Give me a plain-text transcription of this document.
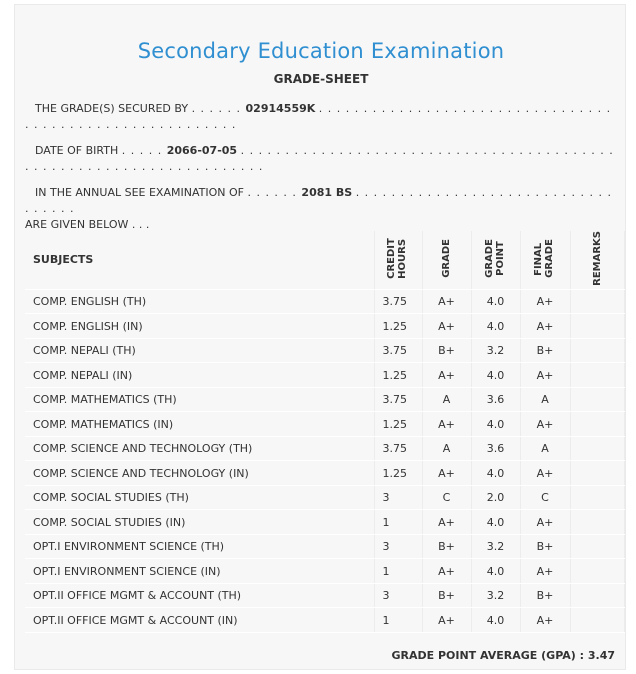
Secondary Education Examination
GRADE-SHEET
THE GRADE(S) SECURED BY . . . . . . 02914559K . . . . . . . . . . . . . . . . . . . . . . . . . . . . . . . . . . . . . . . . . . . . . . . . . . . . . . . . .
DATE OF BIRTH . . . . . 2066-07-05 . . . . . . . . . . . . . . . . . . . . . . . . . . . . . . . . . . . . . . . . . . . . . . . . . . . . . . . . . . . . . . . . . . . . .
IN THE ANNUAL SEE EXAMINATION OF . . . . . . 2081 BS . . . . . . . . . . . . . . . . . . . . . . . . . . . . . . . . . . .
ARE GIVEN BELOW . . .
SUBJECTS	CREDIT HOURS	GRADE	GRADE POINT	FINAL GRADE	REMARKS
COMP. ENGLISH (TH)	3.75	A+	4.0	A+	
COMP. ENGLISH (IN)	1.25	A+	4.0	A+	
COMP. NEPALI (TH)	3.75	B+	3.2	B+	
COMP. NEPALI (IN)	1.25	A+	4.0	A+	
COMP. MATHEMATICS (TH)	3.75	A	3.6	A	
COMP. MATHEMATICS (IN)	1.25	A+	4.0	A+	
COMP. SCIENCE AND TECHNOLOGY (TH)	3.75	A	3.6	A	
COMP. SCIENCE AND TECHNOLOGY (IN)	1.25	A+	4.0	A+	
COMP. SOCIAL STUDIES (TH)	3	C	2.0	C	
COMP. SOCIAL STUDIES (IN)	1	A+	4.0	A+	
OPT.I ENVIRONMENT SCIENCE (TH)	3	B+	3.2	B+	
OPT.I ENVIRONMENT SCIENCE (IN)	1	A+	4.0	A+	
OPT.II OFFICE MGMT & ACCOUNT (TH)	3	B+	3.2	B+	
OPT.II OFFICE MGMT & ACCOUNT (IN)	1	A+	4.0	A+	
GRADE POINT AVERAGE (GPA) : 3.47
